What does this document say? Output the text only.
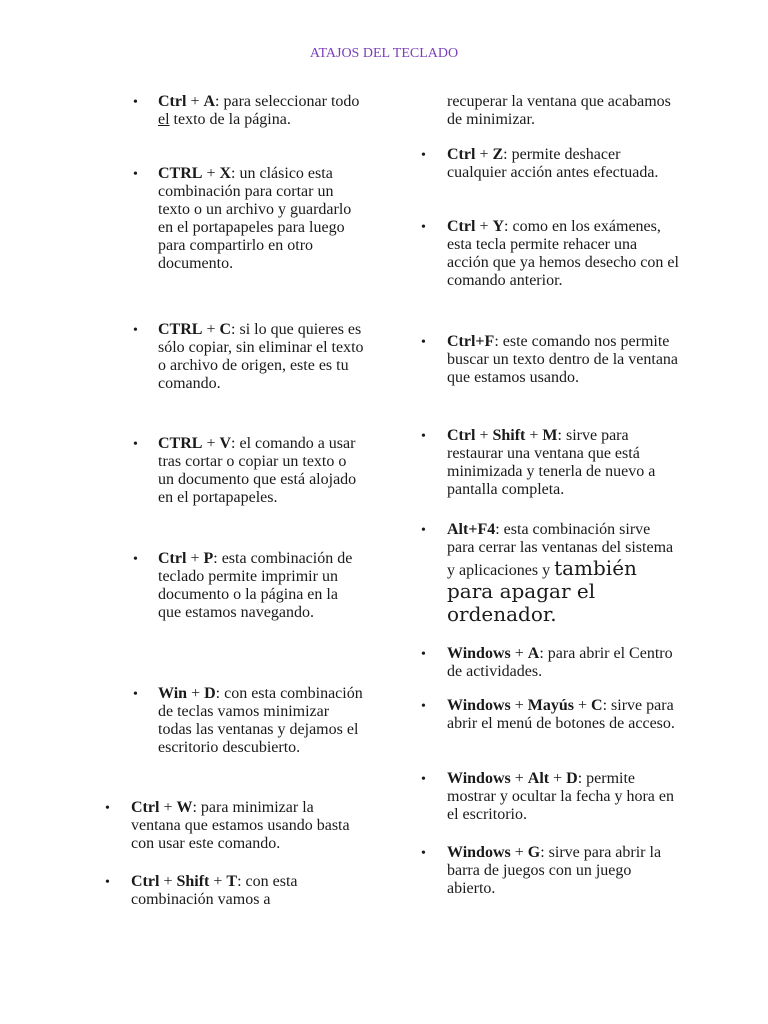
ATAJOS DEL TECLADO
• Ctrl + A: para seleccionar todo el texto de la página.
• CTRL + X: un clásico esta combinación para cortar un texto o un archivo y guardarlo en el portapapeles para luego para compartirlo en otro documento.
• CTRL + C: si lo que quieres es sólo copiar, sin eliminar el texto o archivo de origen, este es tu comando.
• CTRL + V: el comando a usar tras cortar o copiar un texto o un documento que está alojado en el portapapeles.
• Ctrl + P: esta combinación de teclado permite imprimir un documento o la página en la que estamos navegando.
• Win + D: con esta combinación de teclas vamos minimizar todas las ventanas y dejamos el escritorio descubierto.
• Ctrl + W: para minimizar la ventana que estamos usando basta con usar este comando.
• Ctrl + Shift + T: con esta combinación vamos a
recuperar la ventana que acabamos de minimizar.
• Ctrl + Z: permite deshacer cualquier acción antes efectuada.
• Ctrl + Y: como en los exámenes, esta tecla permite rehacer una acción que ya hemos desecho con el comando anterior.
• Ctrl+F: este comando nos permite buscar un texto dentro de la ventana que estamos usando.
• Ctrl + Shift + M: sirve para restaurar una ventana que está minimizada y tenerla de nuevo a pantalla completa.
• Alt+F4: esta combinación sirve para cerrar las ventanas del sistema y aplicaciones y también para apagar el ordenador.
• Windows + A: para abrir el Centro de actividades.
• Windows + Mayús + C: sirve para abrir el menú de botones de acceso.
• Windows + Alt + D: permite mostrar y ocultar la fecha y hora en el escritorio.
• Windows + G: sirve para abrir la barra de juegos con un juego abierto.
